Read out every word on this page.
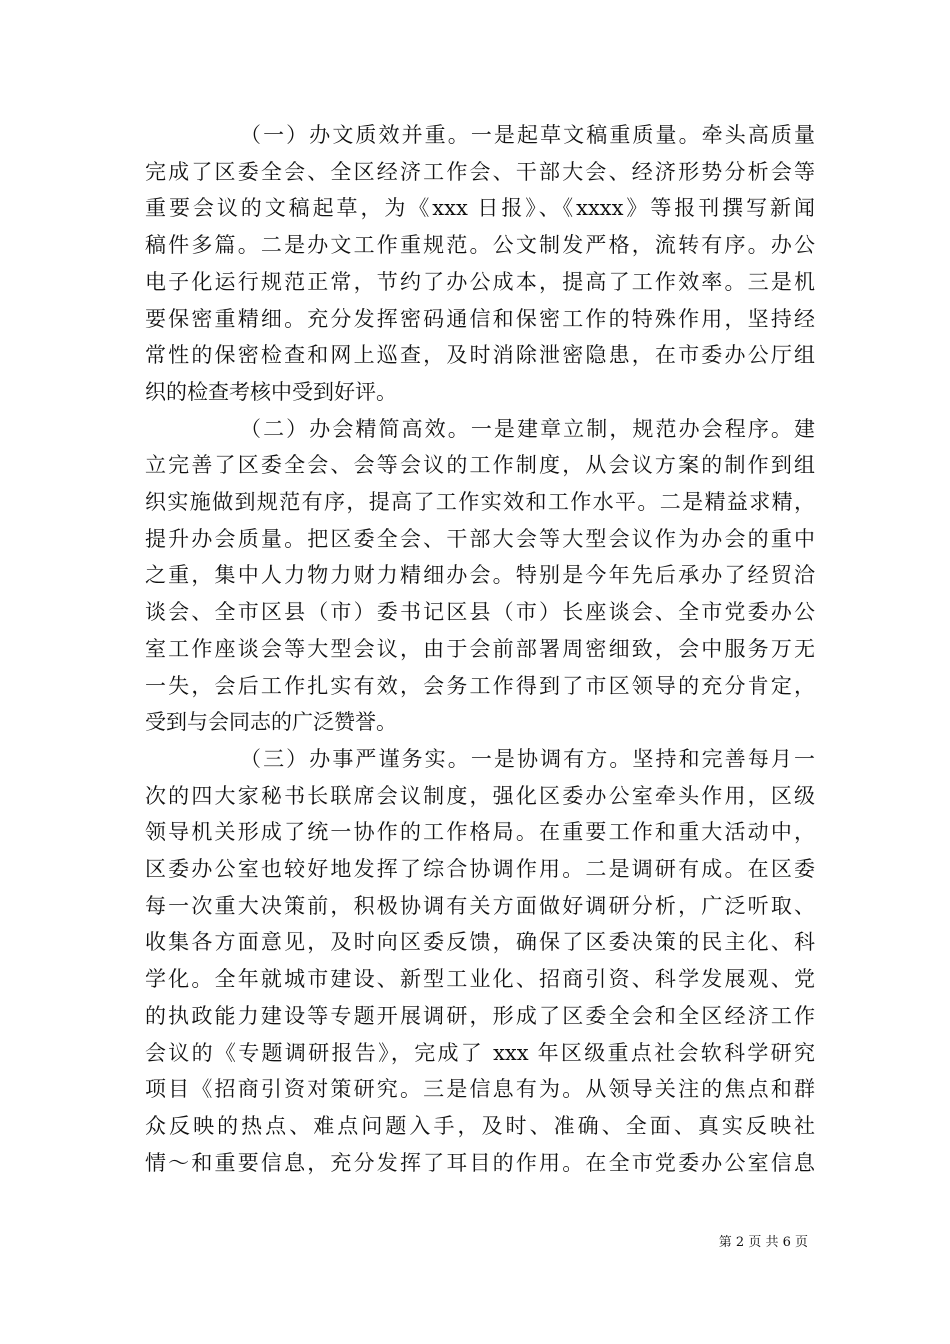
（一）办文质效并重。一是起草文稿重质量。牵头高质量
完成了区委全会、全区经济工作会、干部大会、经济形势分析会等
重要会议的文稿起草，为《xxx 日报》、《xxxx》等报刊撰写新闻
稿件多篇。二是办文工作重规范。公文制发严格，流转有序。办公
电子化运行规范正常，节约了办公成本，提高了工作效率。三是机
要保密重精细。充分发挥密码通信和保密工作的特殊作用，坚持经
常性的保密检查和网上巡查，及时消除泄密隐患，在市委办公厅组
织的检查考核中受到好评。
（二）办会精简高效。一是建章立制，规范办会程序。建
立完善了区委全会、会等会议的工作制度，从会议方案的制作到组
织实施做到规范有序，提高了工作实效和工作水平。二是精益求精，
提升办会质量。把区委全会、干部大会等大型会议作为办会的重中
之重，集中人力物力财力精细办会。特别是今年先后承办了经贸洽
谈会、全市区县（市）委书记区县（市）长座谈会、全市党委办公
室工作座谈会等大型会议，由于会前部署周密细致，会中服务万无
一失，会后工作扎实有效，会务工作得到了市区领导的充分肯定，
受到与会同志的广泛赞誉。
（三）办事严谨务实。一是协调有方。坚持和完善每月一
次的四大家秘书长联席会议制度，强化区委办公室牵头作用，区级
领导机关形成了统一协作的工作格局。在重要工作和重大活动中，
区委办公室也较好地发挥了综合协调作用。二是调研有成。在区委
每一次重大决策前，积极协调有关方面做好调研分析，广泛听取、
收集各方面意见，及时向区委反馈，确保了区委决策的民主化、科
学化。全年就城市建设、新型工业化、招商引资、科学发展观、党
的执政能力建设等专题开展调研，形成了区委全会和全区经济工作
会议的《专题调研报告》，完成了 xxx 年区级重点社会软科学研究
第 2 页 共 6 页
项目《招商引资对策研究。三是信息有为。从领导关注的焦点和群
众反映的热点、难点问题入手，及时、准确、全面、真实反映社
情～和重要信息，充分发挥了耳目的作用。在全市党委办公室信息
